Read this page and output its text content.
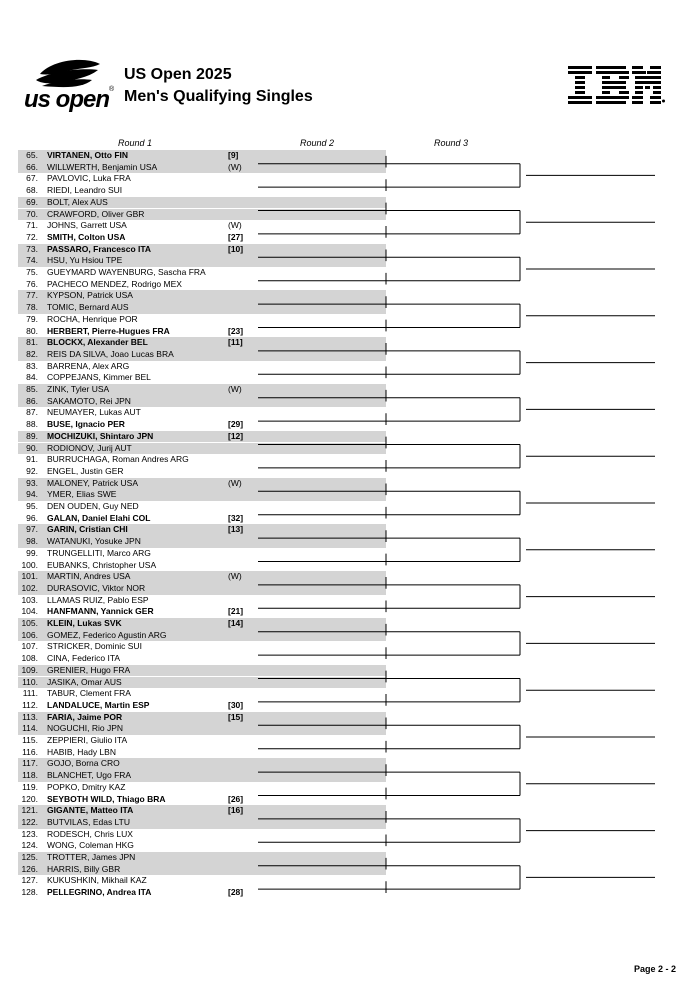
us open®
US Open 2025
Men's Qualifying Singles
Round 1	Round 2	Round 3
65. VIRTANEN, Otto FIN	[9]
66. WILLWERTH, Benjamin USA	(W)
67. PAVLOVIC, Luka FRA
68. RIEDI, Leandro SUI
69. BOLT, Alex AUS
70. CRAWFORD, Oliver GBR
71. JOHNS, Garrett USA	(W)
72. SMITH, Colton USA	[27]
73. PASSARO, Francesco ITA	[10]
74. HSU, Yu Hsiou TPE
75. GUEYMARD WAYENBURG, Sascha FRA
76. PACHECO MENDEZ, Rodrigo MEX
77. KYPSON, Patrick USA
78. TOMIC, Bernard AUS
79. ROCHA, Henrique POR
80. HERBERT, Pierre-Hugues FRA	[23]
81. BLOCKX, Alexander BEL	[11]
82. REIS DA SILVA, Joao Lucas BRA
83. BARRENA, Alex ARG
84. COPPEJANS, Kimmer BEL
85. ZINK, Tyler USA	(W)
86. SAKAMOTO, Rei JPN
87. NEUMAYER, Lukas AUT
88. BUSE, Ignacio PER	[29]
89. MOCHIZUKI, Shintaro JPN	[12]
90. RODIONOV, Jurij AUT
91. BURRUCHAGA, Roman Andres ARG
92. ENGEL, Justin GER
93. MALONEY, Patrick USA	(W)
94. YMER, Elias SWE
95. DEN OUDEN, Guy NED
96. GALAN, Daniel Elahi COL	[32]
97. GARIN, Cristian CHI	[13]
98. WATANUKI, Yosuke JPN
99. TRUNGELLITI, Marco ARG
100. EUBANKS, Christopher USA
101. MARTIN, Andres USA	(W)
102. DURASOVIC, Viktor NOR
103. LLAMAS RUIZ, Pablo ESP
104. HANFMANN, Yannick GER	[21]
105. KLEIN, Lukas SVK	[14]
106. GOMEZ, Federico Agustin ARG
107. STRICKER, Dominic SUI
108. CINA, Federico ITA
109. GRENIER, Hugo FRA
110. JASIKA, Omar AUS
111. TABUR, Clement FRA
112. LANDALUCE, Martin ESP	[30]
113. FARIA, Jaime POR	[15]
114. NOGUCHI, Rio JPN
115. ZEPPIERI, Giulio ITA
116. HABIB, Hady LBN
117. GOJO, Borna CRO
118. BLANCHET, Ugo FRA
119. POPKO, Dmitry KAZ
120. SEYBOTH WILD, Thiago BRA	[26]
121. GIGANTE, Matteo ITA	[16]
122. BUTVILAS, Edas LTU
123. RODESCH, Chris LUX
124. WONG, Coleman HKG
125. TROTTER, James JPN
126. HARRIS, Billy GBR
127. KUKUSHKIN, Mikhail KAZ
128. PELLEGRINO, Andrea ITA	[28]
Page 2 - 2
